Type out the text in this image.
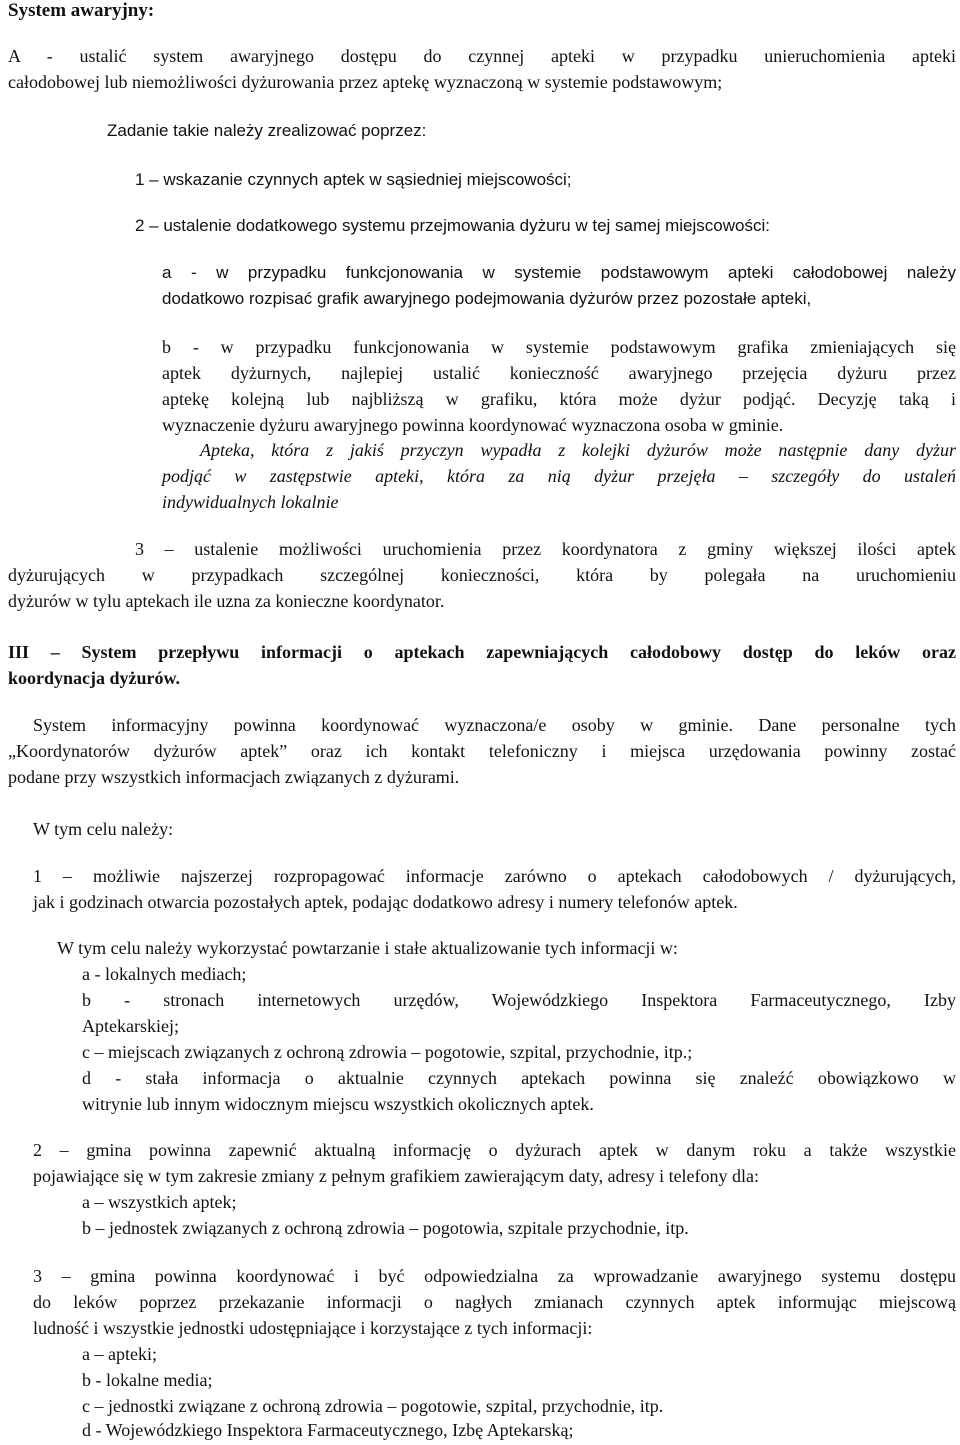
System awaryjny:
A - ustalić system awaryjnego dostępu do czynnej apteki w przypadku unieruchomienia apteki
całodobowej lub niemożliwości dyżurowania przez aptekę wyznaczoną w systemie podstawowym;
Zadanie takie należy zrealizować poprzez:
1 – wskazanie czynnych aptek w sąsiedniej miejscowości;
2 – ustalenie dodatkowego systemu przejmowania dyżuru w tej samej miejscowości:
a - w przypadku funkcjonowania w systemie podstawowym apteki całodobowej należy
dodatkowo rozpisać grafik awaryjnego podejmowania dyżurów przez pozostałe apteki,
b - w przypadku funkcjonowania w systemie podstawowym grafika zmieniających się
aptek dyżurnych, najlepiej ustalić konieczność awaryjnego przejęcia dyżuru przez
aptekę kolejną lub najbliższą w grafiku, która może dyżur podjąć. Decyzję taką i
wyznaczenie dyżuru awaryjnego powinna koordynować wyznaczona osoba w gminie.
Apteka, która z jakiś przyczyn wypadła z kolejki dyżurów może następnie dany dyżur
podjąć w zastępstwie apteki, która za nią dyżur przejęła – szczegóły do ustaleń
indywidualnych lokalnie
3 – ustalenie możliwości uruchomienia przez koordynatora z gminy większej ilości aptek
dyżurujących w przypadkach szczególnej konieczności, która by polegała na uruchomieniu
dyżurów w tylu aptekach ile uzna za konieczne koordynator.
III – System przepływu informacji o aptekach zapewniających całodobowy dostęp do leków oraz
koordynacja dyżurów.
System informacyjny powinna koordynować wyznaczona/e osoby w gminie. Dane personalne tych
„Koordynatorów dyżurów aptek” oraz ich kontakt telefoniczny i miejsca urzędowania powinny zostać
podane przy wszystkich informacjach związanych z dyżurami.
W tym celu należy:
1 – możliwie najszerzej rozpropagować informacje zarówno o aptekach całodobowych / dyżurujących,
jak i godzinach otwarcia pozostałych aptek, podając dodatkowo adresy i numery telefonów aptek.
W tym celu należy wykorzystać powtarzanie i stałe aktualizowanie tych informacji w:
a - lokalnych mediach;
b - stronach internetowych urzędów, Wojewódzkiego Inspektora Farmaceutycznego, Izby
Aptekarskiej;
c – miejscach związanych z ochroną zdrowia – pogotowie, szpital, przychodnie, itp.;
d - stała informacja o aktualnie czynnych aptekach powinna się znaleźć obowiązkowo w
witrynie lub innym widocznym miejscu wszystkich okolicznych aptek.
2 – gmina powinna zapewnić aktualną informację o dyżurach aptek w danym roku a także wszystkie
pojawiające się w tym zakresie zmiany z pełnym grafikiem zawierającym daty, adresy i telefony dla:
a – wszystkich aptek;
b – jednostek związanych z ochroną zdrowia – pogotowia, szpitale przychodnie, itp.
3 – gmina powinna koordynować i być odpowiedzialna za wprowadzanie awaryjnego systemu dostępu
do leków poprzez przekazanie informacji o nagłych zmianach czynnych aptek informując miejscową
ludność i wszystkie jednostki udostępniające i korzystające z tych informacji:
a – apteki;
b - lokalne media;
c – jednostki związane z ochroną zdrowia – pogotowie, szpital, przychodnie, itp.
d - Wojewódzkiego Inspektora Farmaceutycznego, Izbę Aptekarską;
